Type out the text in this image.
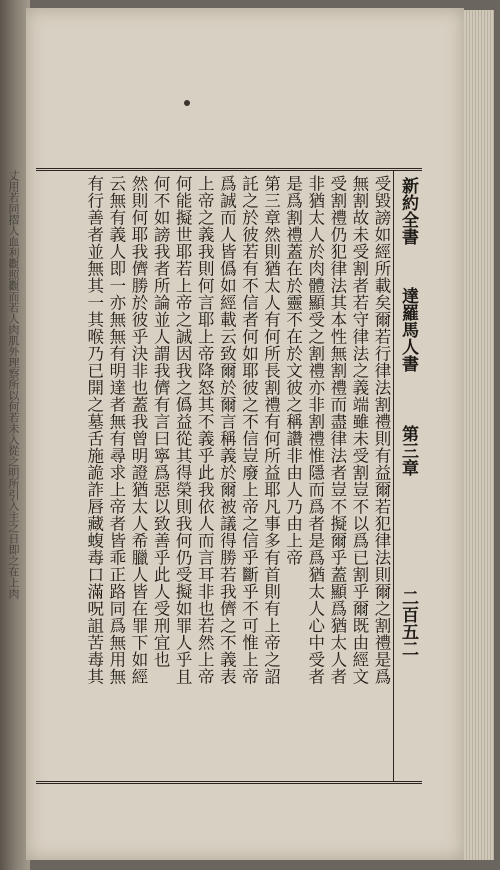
丈用若同摺人血利觀照觀而若人肉肌外理察所以何若未入從之明所引入主之日即之在上肉	新約全書
達羅馬人書
第三章
二百五二
受毀謗如經所載矣爾若行律法割禮則有益爾若犯律法則爾之割禮是爲
無割故未受割者若守律法之義端雖未受割豈不以爲已割乎爾既由經文
受割禮仍犯律法其本性無割禮而盡律法者豈不擬爾乎蓋顯爲猶太人者
非猶太人於肉體顯受之割禮亦非割禮惟隱而爲者是爲猶太人心中受者
是爲割禮蓋在於靈不在於文彼之稱讚非由人乃由上帝
第三章然則猶太人有何所長割禮有何所益耶凡事多有首則有上帝之詔
託之於彼若有不信者何如耶彼之不信豈廢上帝之信乎斷乎不可惟上帝
爲誠而人皆僞如經載云致爾於爾言稱義於爾被議得勝若我儕之不義表
上帝之義我則何言耶上帝降怒其不義乎此我依人而言耳非也若然上帝
何能擬世耶若上帝之誠因我之僞益從其得榮則我何仍受擬如罪人乎且
何不如謗我者所論並人謂我儕有言曰寧爲惡以致善乎此人受刑宜也
然則何耶我儕勝於彼乎決非也蓋我曾明證猶太人希臘人皆在罪下如經
云無有義人即一亦無無有明達者無有尋求上帝者皆乖正路同爲無用無
有行善者並無其一其喉乃已開之墓舌施詭詐唇藏蝮毒口滿呪詛苦毒其
